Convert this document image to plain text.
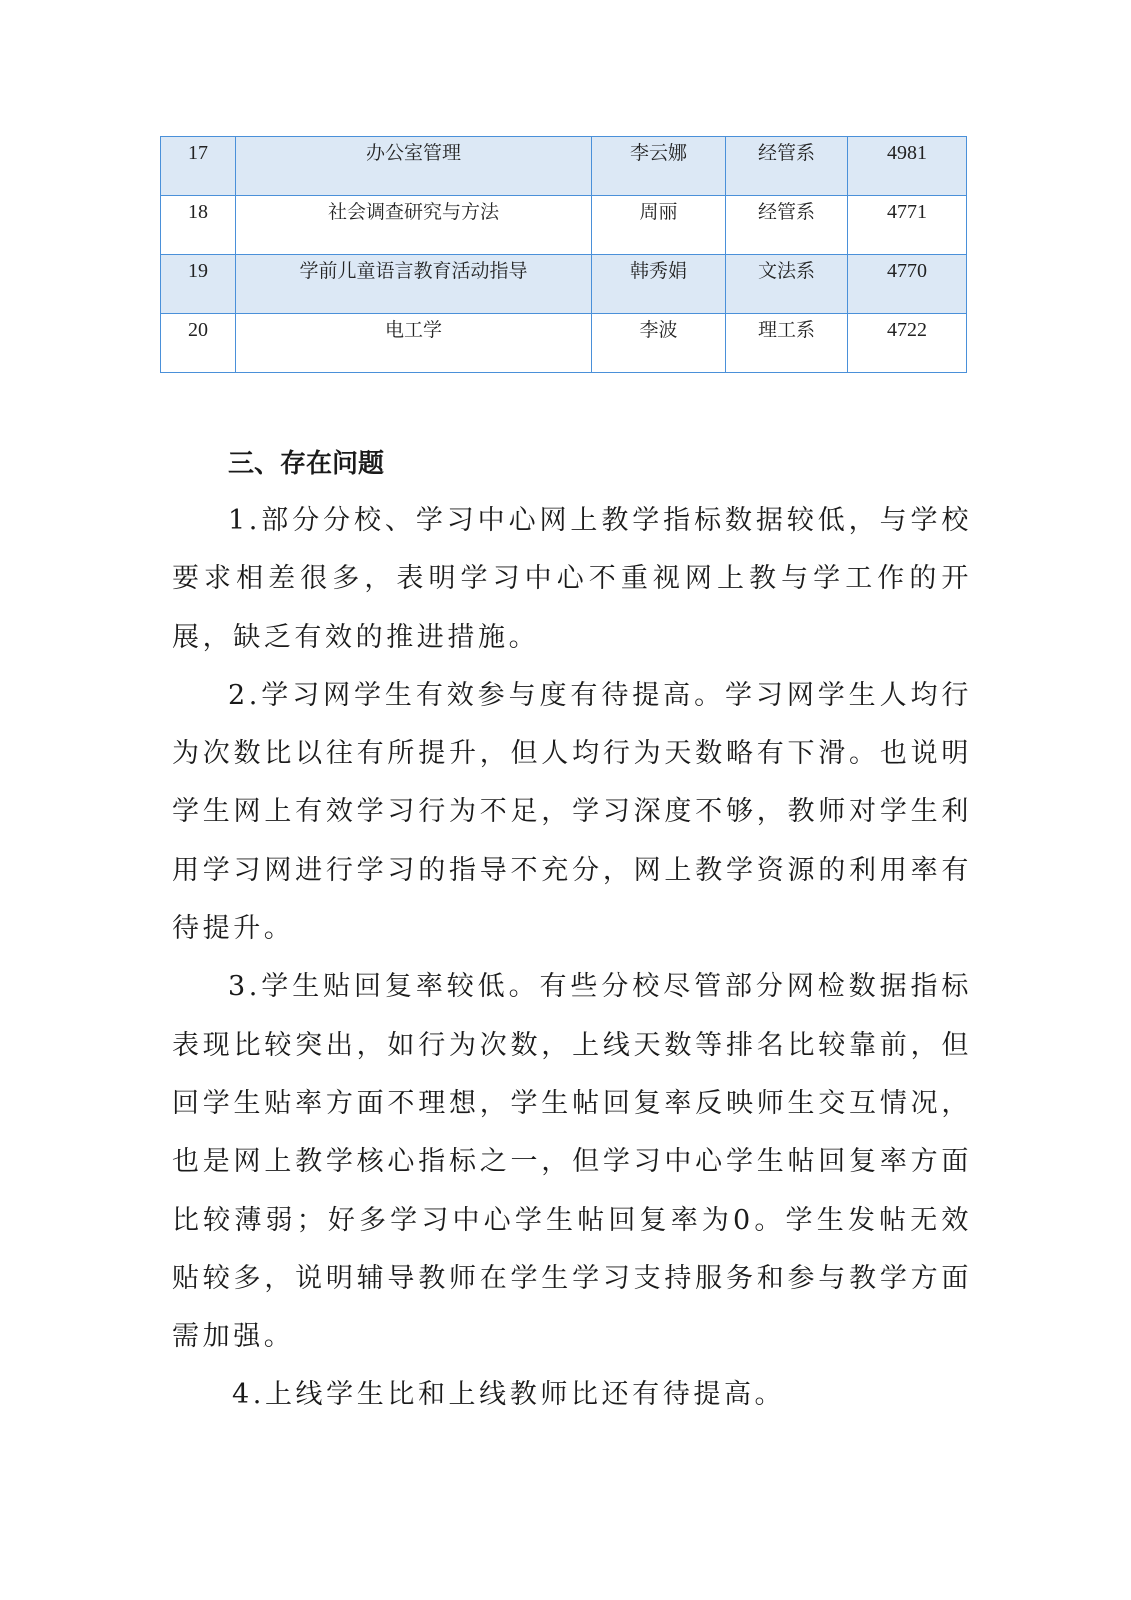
17	办公室管理	李云娜	经管系	4981
18	社会调查研究与方法	周丽	经管系	4771
19	学前儿童语言教育活动指导	韩秀娟	文法系	4770
20	电工学	李波	理工系	4722
三、存在问题

1.部分分校、学习中心网上教学指标数据较低，与学校要求相差很多，表明学习中心不重视网上教与学工作的开展，缺乏有效的推进措施。

2.学习网学生有效参与度有待提高。学习网学生人均行为次数比以往有所提升，但人均行为天数略有下滑。也说明学生网上有效学习行为不足，学习深度不够，教师对学生利用学习网进行学习的指导不充分，网上教学资源的利用率有待提升。

3.学生贴回复率较低。有些分校尽管部分网检数据指标表现比较突出，如行为次数，上线天数等排名比较靠前，但回学生贴率方面不理想，学生帖回复率反映师生交互情况，也是网上教学核心指标之一，但学习中心学生帖回复率方面比较薄弱；好多学习中心学生帖回复率为0。学生发帖无效贴较多，说明辅导教师在学生学习支持服务和参与教学方面需加强。

4.上线学生比和上线教师比还有待提高。
